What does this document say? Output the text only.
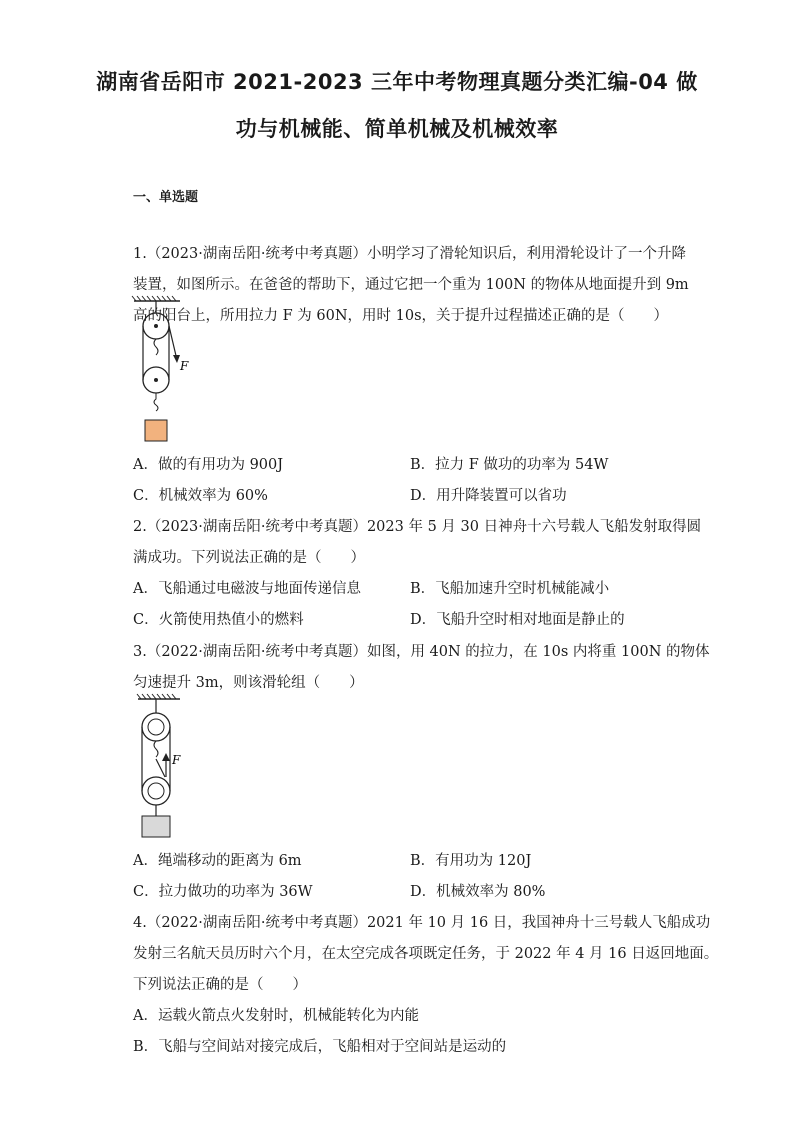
湖南省岳阳市 2021-2023 三年中考物理真题分类汇编-04 做
功与机械能、简单机械及机械效率
一、单选题
1.（2023·湖南岳阳·统考中考真题）小明学习了滑轮知识后，利用滑轮设计了一个升降
装置，如图所示。在爸爸的帮助下，通过它把一个重为 100N 的物体从地面提升到 9m
高的阳台上，所用拉力 F 为 60N，用时 10s，关于提升过程描述正确的是（　　）
F
A．做的有用功为 900J	B．拉力 F 做功的功率为 54W
C．机械效率为 60%	D．用升降装置可以省功
2.（2023·湖南岳阳·统考中考真题）2023 年 5 月 30 日神舟十六号载人飞船发射取得圆
满成功。下列说法正确的是（　　）
A．飞船通过电磁波与地面传递信息	B．飞船加速升空时机械能减小
C．火箭使用热值小的燃料	D．飞船升空时相对地面是静止的
3.（2022·湖南岳阳·统考中考真题）如图，用 40N 的拉力，在 10s 内将重 100N 的物体
匀速提升 3m，则该滑轮组（　　）
F
A．绳端移动的距离为 6m	B．有用功为 120J
C．拉力做功的功率为 36W	D．机械效率为 80%
4.（2022·湖南岳阳·统考中考真题）2021 年 10 月 16 日，我国神舟十三号载人飞船成功
发射三名航天员历时六个月，在太空完成各项既定任务，于 2022 年 4 月 16 日返回地面。
下列说法正确的是（　　）
A．运载火箭点火发射时，机械能转化为内能
B．飞船与空间站对接完成后，飞船相对于空间站是运动的
